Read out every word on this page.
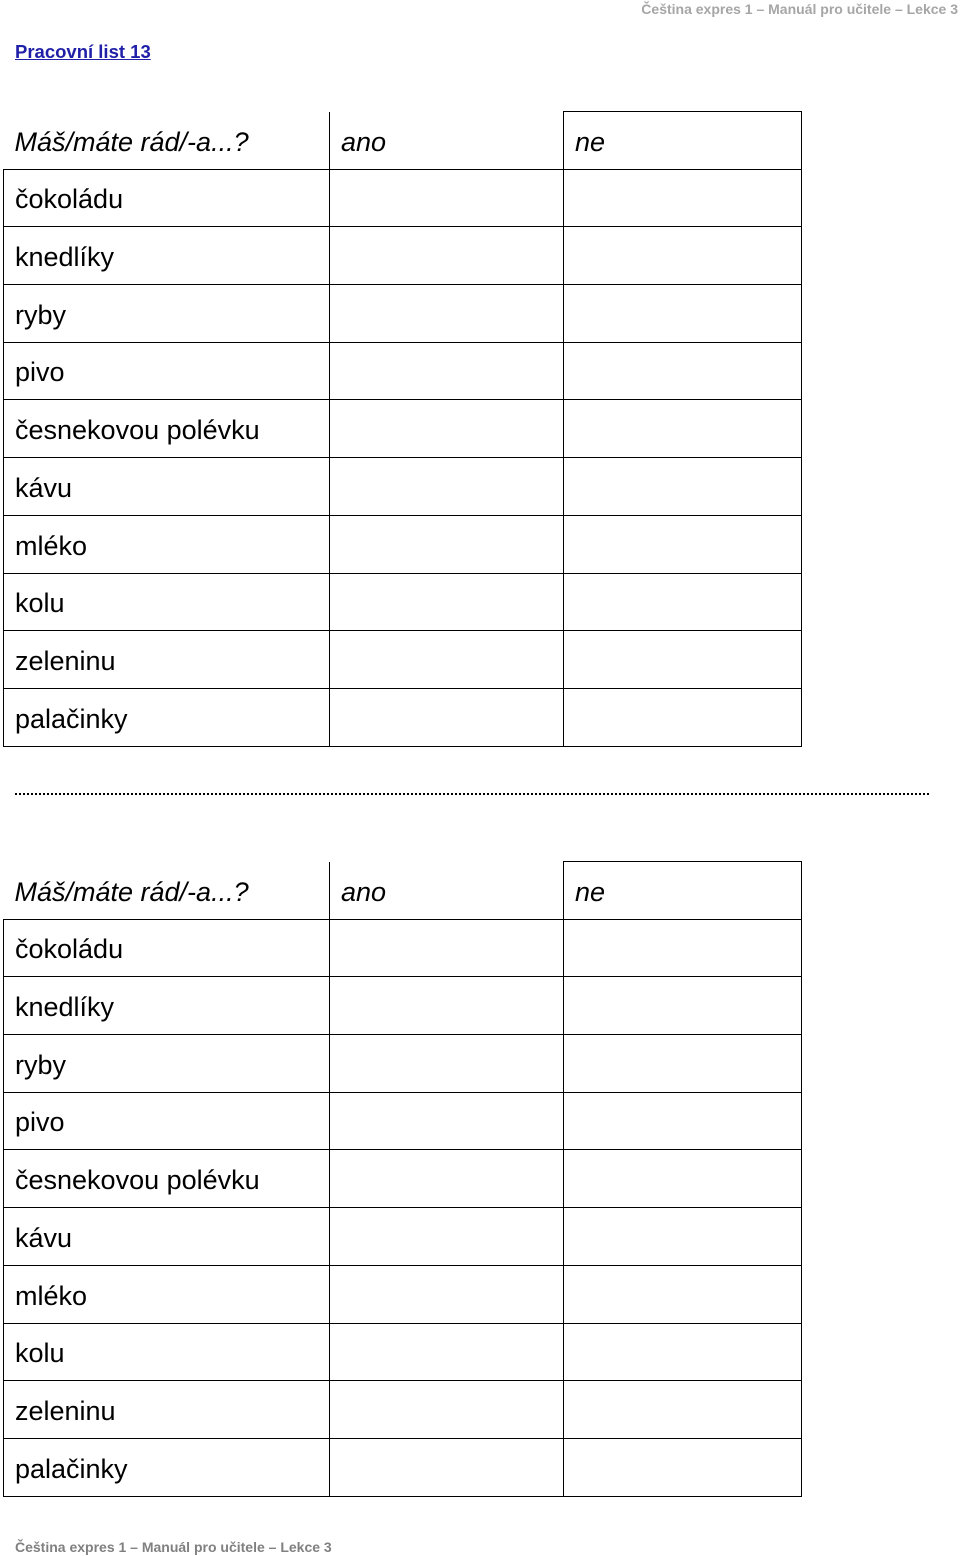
Čeština expres 1 – Manuál pro učitele – Lekce 3
Pracovní list 13
Máš/máte rád/-a...?	ano	ne
čokoládu		
knedlíky		
ryby		
pivo		
česnekovou polévku		
kávu		
mléko		
kolu		
zeleninu		
palačinky		
Máš/máte rád/-a...?	ano	ne
čokoládu		
knedlíky		
ryby		
pivo		
česnekovou polévku		
kávu		
mléko		
kolu		
zeleninu		
palačinky		
Čeština expres 1 – Manuál pro učitele – Lekce 3
